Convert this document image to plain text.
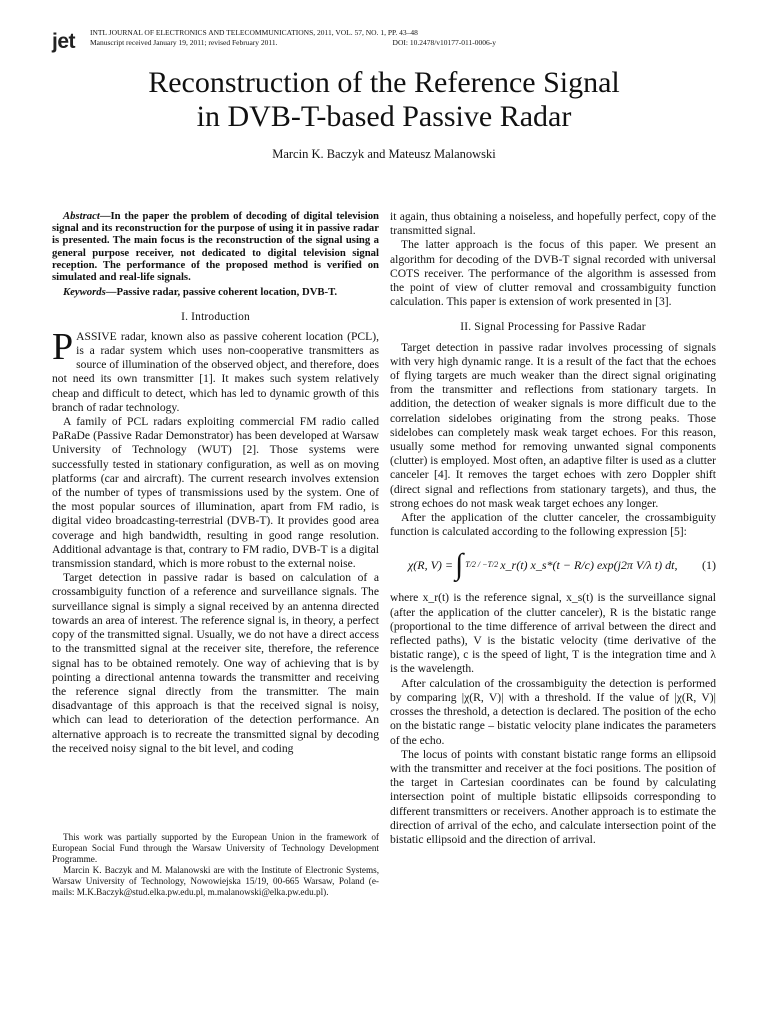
jet INTL JOURNAL OF ELECTRONICS AND TELECOMMUNICATIONS, 2011, VOL. 57, NO. 1, PP. 43–48
Manuscript received January 19, 2011; revised February 2011.	DOI: 10.2478/v10177-011-0006-y
Reconstruction of the Reference Signal
in DVB-T-based Passive Radar
Marcin K. Baczyk and Mateusz Malanowski

Abstract—In the paper the problem of decoding of digital television signal and its reconstruction for the purpose of using it in passive radar is presented. The main focus is the reconstruction of the signal using a general purpose receiver, not dedicated to digital television signal reception. The performance of the proposed method is verified on simulated and real-life signals.

Keywords—Passive radar, passive coherent location, DVB-T.

I. Introduction

PASSIVE radar, known also as passive coherent location (PCL), is a radar system which uses non-cooperative transmitters as source of illumination of the observed object, and therefore, does not need its own transmitter [1]. It makes such system relatively cheap and difficult to detect, which has led to dynamic growth of this branch of radar technology.

A family of PCL radars exploiting commercial FM radio called PaRaDe (Passive Radar Demonstrator) has been developed at Warsaw University of Technology (WUT) [2]. Those systems were successfully tested in stationary configuration, as well as on moving platforms (car and aircraft). The current research involves extension of the number of types of transmissions used by the system. One of the most popular sources of illumination, apart from FM radio, is digital video broadcasting-terrestrial (DVB-T). It provides good area coverage and high bandwidth, resulting in good range resolution. Additional advantage is that, contrary to FM radio, DVB-T is a digital transmission standard, which is more robust to the external noise.

Target detection in passive radar is based on calculation of a crossambiguity function of a reference and surveillance signals. The surveillance signal is simply a signal received by an antenna directed towards an area of interest. The reference signal is, in theory, a perfect copy of the transmitted signal. Usually, we do not have a direct access to the transmitted signal at the receiver site, therefore, the reference signal has to be obtained remotely. One way of achieving that is by pointing a directional antenna towards the transmitter and receiving the reference signal directly from the transmitter. The main disadvantage of this approach is that the received signal is noisy, which can lead to deterioration of the detection performance. An alternative approach is to recreate the transmitted signal by decoding the received noisy signal to the bit level, and coding

This work was partially supported by the European Union in the framework of European Social Fund through the Warsaw University of Technology Development Programme.

Marcin K. Baczyk and M. Malanowski are with the Institute of Electronic Systems, Warsaw University of Technology, Nowowiejska 15/19, 00-665 Warsaw, Poland (e-mails: M.K.Baczyk@stud.elka.pw.edu.pl, m.malanowski@elka.pw.edu.pl).

it again, thus obtaining a noiseless, and hopefully perfect, copy of the transmitted signal.

The latter approach is the focus of this paper. We present an algorithm for decoding of the DVB-T signal recorded with universal COTS receiver. The performance of the algorithm is assessed from the point of view of clutter removal and crossambiguity function calculation. This paper is extension of work presented in [3].

II. Signal Processing for Passive Radar

Target detection in passive radar involves processing of signals with very high dynamic range. It is a result of the fact that the echoes of flying targets are much weaker than the direct signal originating from the transmitter and reflections from stationary targets. In addition, the detection of weaker signals is more difficult due to the correlation sidelobes originating from the strong peaks. Those sidelobes can completely mask weak target echoes. For this reason, usually some method for removing unwanted signal components (clutter) is employed. Most often, an adaptive filter is used as a clutter canceler [4]. It removes the target echoes with zero Doppler shift (direct signal and reflections from stationary targets), and thus, the strong echoes do not mask weak target echoes any longer.

After the application of the clutter canceler, the crossambiguity function is calculated according to the following expression [5]:

χ(R, V) = ∫ T/2 / −T/2 x_r(t) x_s*(t − R/c) exp(j2π V/λ t) dt, (1)

where x_r(t) is the reference signal, x_s(t) is the surveillance signal (after the application of the clutter canceler), R is the bistatic range (proportional to the time difference of arrival between the direct and reflected paths), V is the bistatic velocity (time derivative of the bistatic range), c is the speed of light, T is the integration time and λ is the wavelength.

After calculation of the crossambiguity the detection is performed by comparing |χ(R, V)| with a threshold. If the value of |χ(R, V)| crosses the threshold, a detection is declared. The position of the echo on the bistatic range – bistatic velocity plane indicates the parameters of the echo.

The locus of points with constant bistatic range forms an ellipsoid with the transmitter and receiver at the foci positions. The position of the target in Cartesian coordinates can be found by calculating intersection point of multiple bistatic ellipsoids corresponding to different transmitters or receivers. Another approach is to estimate the direction of arrival of the echo, and calculate intersection point of the bistatic ellipsoid and the direction of arrival.
